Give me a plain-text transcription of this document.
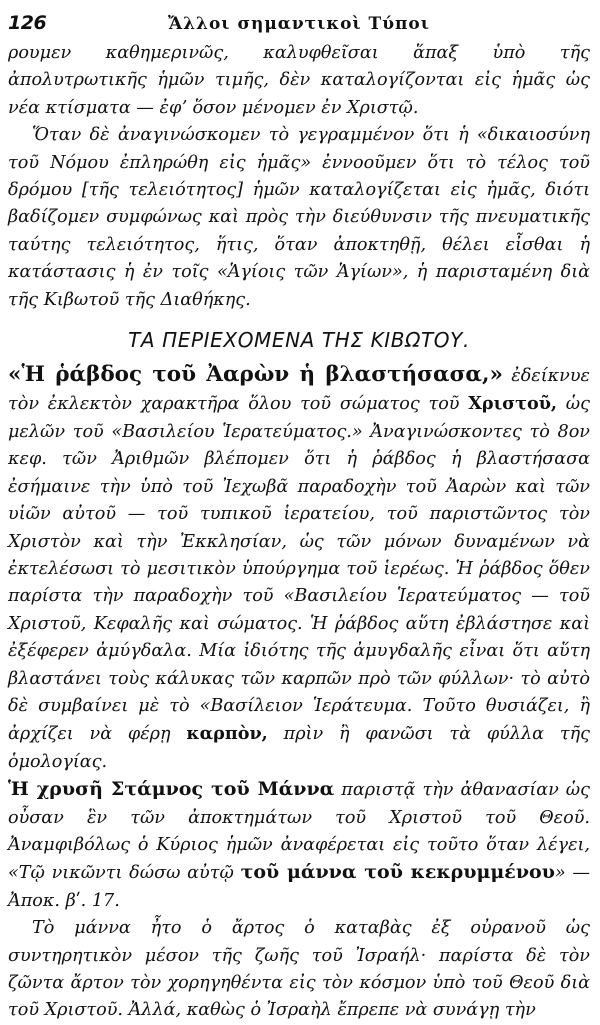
126	Ἄλλοι σημαντικοὶ Τύποι

ρουμεν καθημερινῶς, καλυφθεῖσαι ἅπαξ ὑπὸ τῆς ἀπολυτρωτικῆς ἡμῶν τιμῆς, δὲν καταλογίζονται εἰς ἡμᾶς ὡς νέα κτίσματα — ἐφʼ ὅσον μένομεν ἐν Χριστῷ.

Ὅταν δὲ ἀναγινώσκομεν τὸ γεγραμμένον ὅτι ἡ «δικαιοσύνη τοῦ Νόμου ἐπληρώθη εἰς ἡμᾶς» ἐννοοῦμεν ὅτι τὸ τέλος τοῦ δρόμου [τῆς τελειότητος] ἡμῶν καταλογίζεται εἰς ἡμᾶς, διότι βαδίζομεν συμφώνως καὶ πρὸς τὴν διεύθυνσιν τῆς πνευματικῆς ταύτης τελειότητος, ἥτις, ὅταν ἀποκτηθῇ, θέλει εἶσθαι ἡ κατάστασις ἡ ἐν τοῖς «Ἁγίοις τῶν Ἁγίων», ἡ παρισταμένη διὰ τῆς Κιβωτοῦ τῆς Διαθήκης.

ΤΑ ΠΕΡΙΕΧΟΜΕΝΑ ΤΗΣ ΚΙΒΩΤΟΥ.

«Ἡ ῥάβδος τοῦ Ἀαρὼν ἡ βλαστήσασα,» ἐδείκνυε τὸν ἐκλεκτὸν χαρακτῆρα ὅλου τοῦ σώματος τοῦ Χριστοῦ, ὡς μελῶν τοῦ «Βασιλείου Ἱερατεύματος.» Ἀναγινώσκοντες τὸ 8ον κεφ. τῶν Ἀριθμῶν βλέπομεν ὅτι ἡ ῥάβδος ἡ βλαστήσασα ἐσήμαινε τὴν ὑπὸ τοῦ Ἰεχωβᾶ παραδοχὴν τοῦ Ἀαρὼν καὶ τῶν υἱῶν αὐτοῦ — τοῦ τυπικοῦ ἱερατείου, τοῦ παριστῶντος τὸν Χριστὸν καὶ τὴν Ἐκκλησίαν, ὡς τῶν μόνων δυναμένων νὰ ἐκτελέσωσι τὸ μεσιτικὸν ὑπούργημα τοῦ ἱερέως. Ἡ ῥάβδος ὅθεν παρίστα τὴν παραδοχὴν τοῦ «Βασιλείου Ἱερατεύματος — τοῦ Χριστοῦ, Κεφαλῆς καὶ σώματος. Ἡ ῥάβδος αὕτη ἐβλάστησε καὶ ἐξέφερεν ἀμύγδαλα. Μία ἰδιότης τῆς ἀμυγδαλῆς εἶναι ὅτι αὕτη βλαστάνει τοὺς κάλυκας τῶν καρπῶν πρὸ τῶν φύλλων· τὸ αὐτὸ δὲ συμβαίνει μὲ τὸ «Βασίλειον Ἱεράτευμα. Τοῦτο θυσιάζει, ἢ ἀρχίζει νὰ φέρῃ καρπὸν, πρὶν ἢ φανῶσι τὰ φύλλα τῆς ὁμολογίας.

Ἡ χρυσῆ Στάμνος τοῦ Μάννα παριστᾷ τὴν ἀθανασίαν ὡς οὖσαν ἓν τῶν ἀποκτημάτων τοῦ Χριστοῦ τοῦ Θεοῦ. Ἀναμφιβόλως ὁ Κύριος ἡμῶν ἀναφέρεται εἰς τοῦτο ὅταν λέγει, «Τῷ νικῶντι δώσω αὐτῷ τοῦ μάννα τοῦ κεκρυμμένου» — Ἀποκ. βʹ. 17.

Τὸ μάννα ἦτο ὁ ἄρτος ὁ καταβὰς ἐξ οὐρανοῦ ὡς συντηρητικὸν μέσον τῆς ζωῆς τοῦ Ἰσραήλ· παρίστα δὲ τὸν ζῶντα ἄρτον τὸν χορηγηθέντα εἰς τὸν κόσμον ὑπὸ τοῦ Θεοῦ διὰ τοῦ Χριστοῦ. Ἀλλά, καθὼς ὁ Ἰσραὴλ ἔπρεπε νὰ συνάγῃ τὴν
